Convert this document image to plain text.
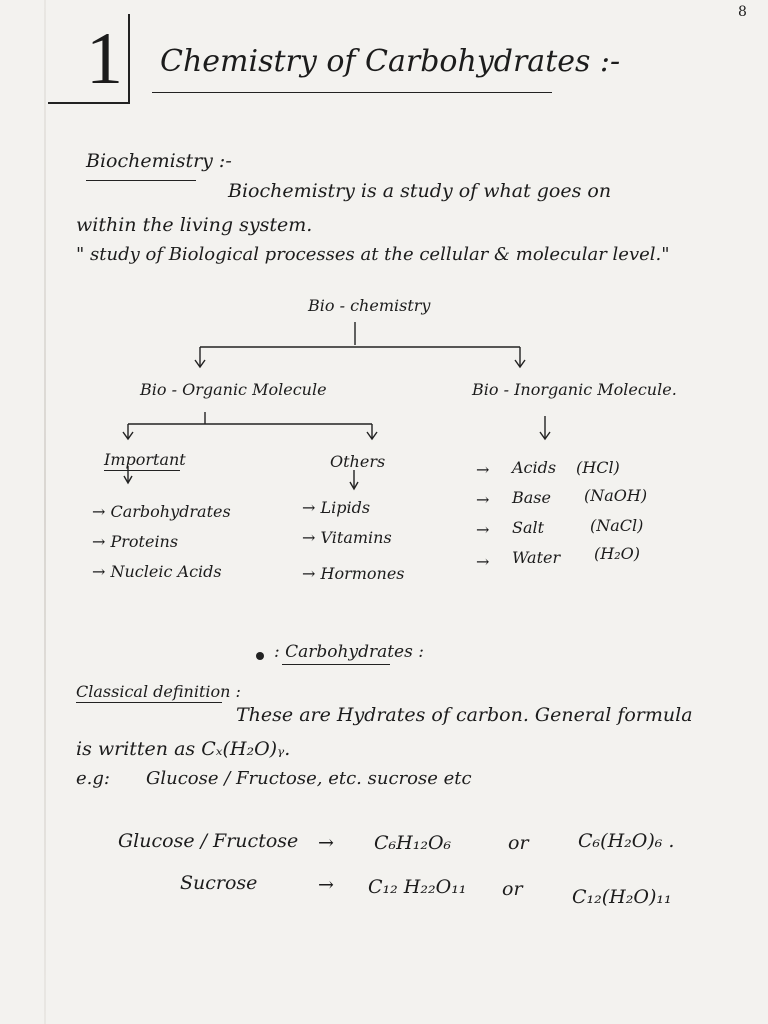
8
1 Chemistry of Carbohydrates :-
Biochemistry :-
Biochemistry is a study of what goes on
within the living system.
" study of Biological processes at the cellular & molecular level."
Bio - chemistry
Bio - Organic Molecule	Bio - Inorganic Molecule.
Important	Others
→ Carbohydrates
→ Proteins
→ Nucleic Acids
→ Lipids
→ Vitamins
→ Hormones
→ Acids (HCl)
→ Base (NaOH)
→ Salt	(NaCl)
→ Water (H₂O)
: Carbohydrates :
Classical definition :
These are Hydrates of carbon. General formula
is written as Cₓ(H₂O)ᵧ.
e.g: Glucose / Fructose, etc. sucrose etc
Glucose / Fructose → C₆H₁₂O₆	or	C₆(H₂O)₆ .
Sucrose	→ C₁₂ H₂₂O₁₁ or	C₁₂(H₂O)₁₁
